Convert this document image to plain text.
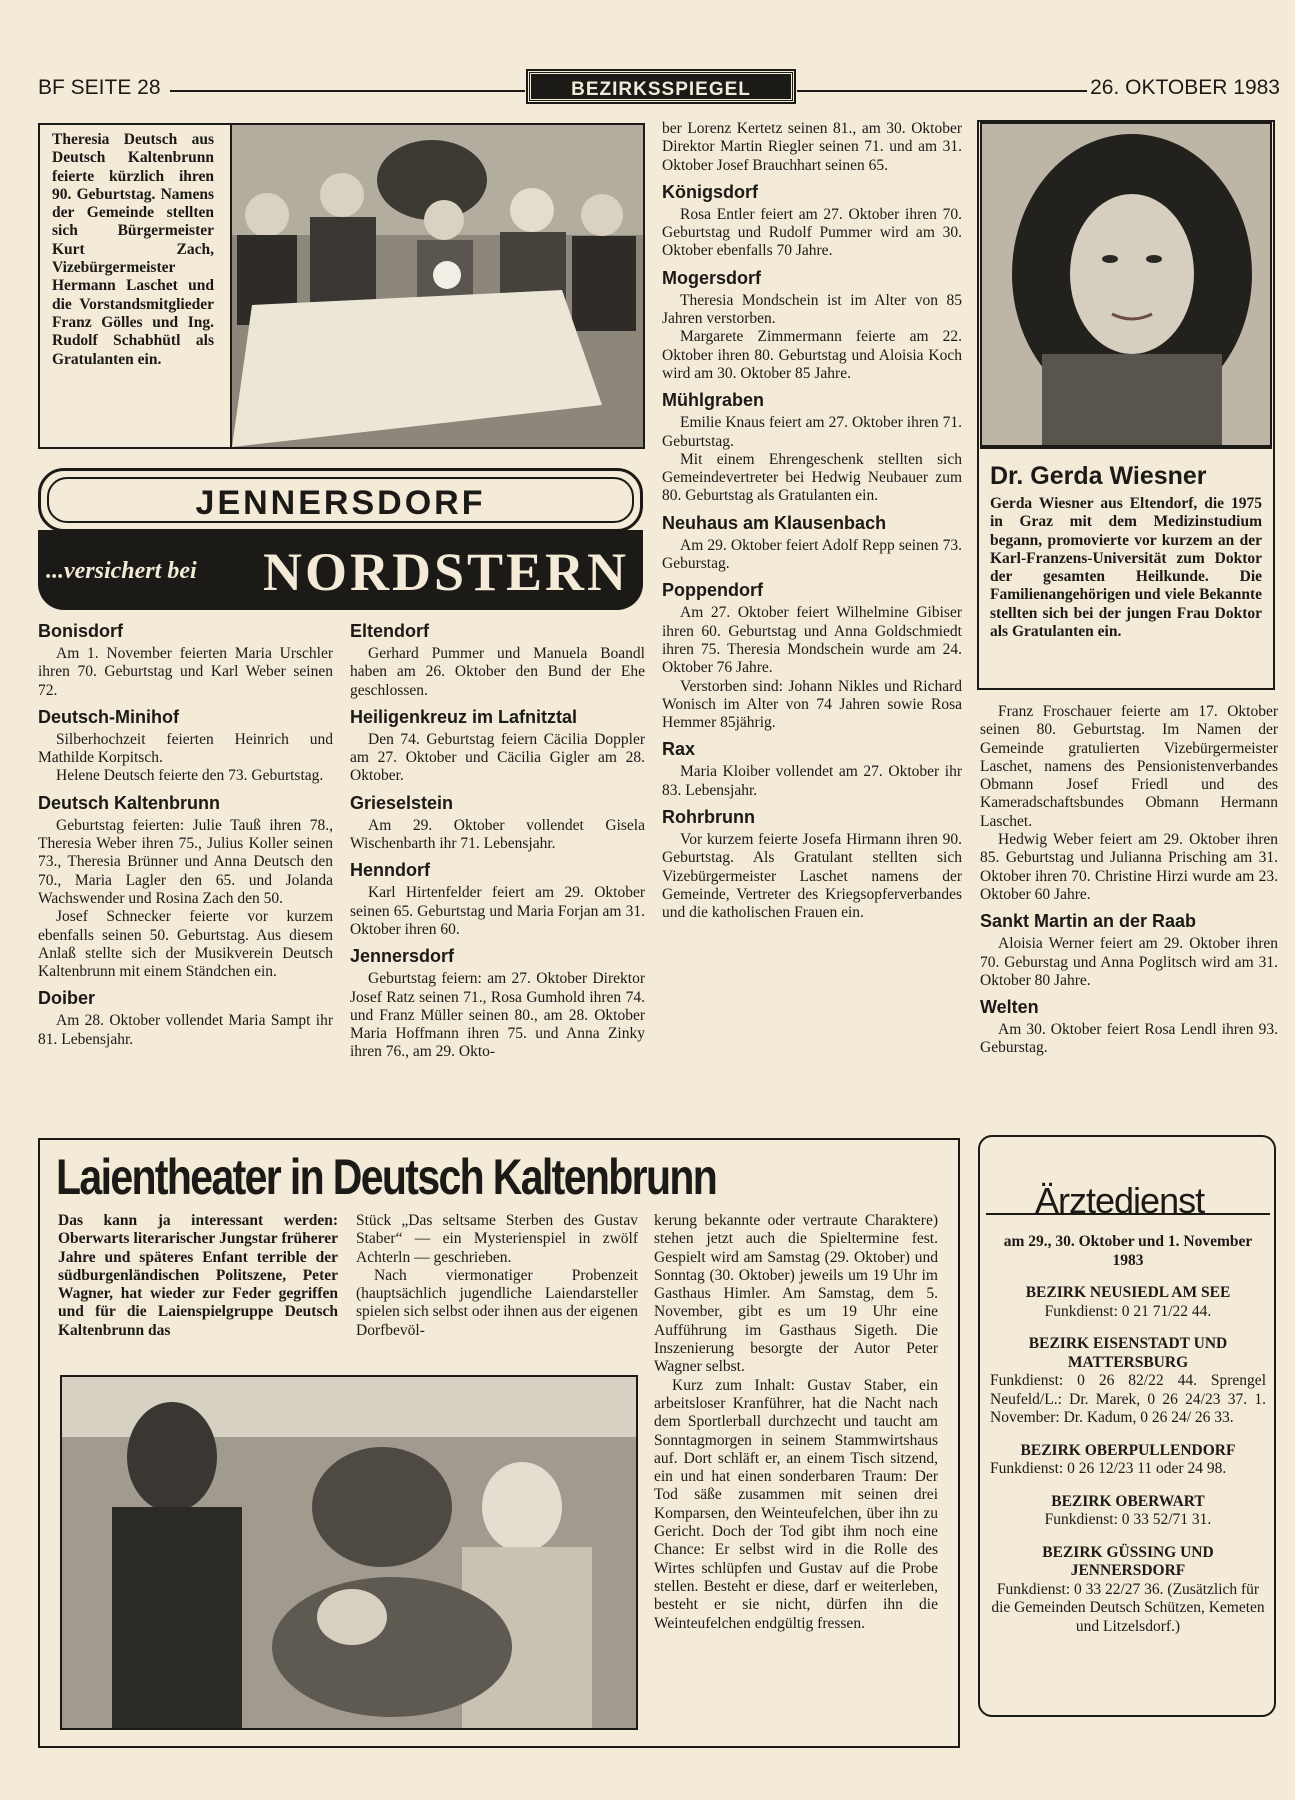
BF SEITE 28	BEZIRKSSPIEGEL	26. OKTOBER 1983
Theresia Deutsch aus Deutsch Kaltenbrunn feierte kürzlich ihren 90. Geburtstag. Namens der Gemeinde stellten sich Bürgermeister Kurt Zach, Vizebürgermeister Hermann Laschet und die Vorstandsmitglieder Franz Gölles und Ing. Rudolf Schabhütl als Gratulanten ein.
JENNERSDORF
...versichert bei NORDSTERN
Bonisdorf

Am 1. November feierten Maria Urschler ihren 70. Geburtstag und Karl Weber seinen 72.

Deutsch-Minihof

Silberhochzeit feierten Heinrich und Mathilde Korpitsch.

Helene Deutsch feierte den 73. Geburtstag.

Deutsch Kaltenbrunn

Geburtstag feierten: Julie Tauß ihren 78., Theresia Weber ihren 75., Julius Koller seinen 73., Theresia Brünner und Anna Deutsch den 70., Maria Lagler den 65. und Jolanda Wachswender und Rosina Zach den 50.

Josef Schnecker feierte vor kurzem ebenfalls seinen 50. Geburtstag. Aus diesem Anlaß stellte sich der Musikverein Deutsch Kaltenbrunn mit einem Ständchen ein.

Doiber

Am 28. Oktober vollendet Maria Sampt ihr 81. Lebensjahr.

Eltendorf

Gerhard Pummer und Manuela Boandl haben am 26. Oktober den Bund der Ehe geschlossen.

Heiligenkreuz im Lafnitztal

Den 74. Geburtstag feiern Cäcilia Doppler am 27. Oktober und Cäcilia Gigler am 28. Oktober.

Grieselstein

Am 29. Oktober vollendet Gisela Wischenbarth ihr 71. Lebensjahr.

Henndorf

Karl Hirtenfelder feiert am 29. Oktober seinen 65. Geburtstag und Maria Forjan am 31. Oktober ihren 60.

Jennersdorf

Geburtstag feiern: am 27. Oktober Direktor Josef Ratz seinen 71., Rosa Gumhold ihren 74. und Franz Müller seinen 80., am 28. Oktober Maria Hoffmann ihren 75. und Anna Zinky ihren 76., am 29. Okto-

ber Lorenz Kertetz seinen 81., am 30. Oktober Direktor Martin Riegler seinen 71. und am 31. Oktober Josef Brauchhart seinen 65.

Königsdorf

Rosa Entler feiert am 27. Oktober ihren 70. Geburtstag und Rudolf Pummer wird am 30. Oktober ebenfalls 70 Jahre.

Mogersdorf

Theresia Mondschein ist im Alter von 85 Jahren verstorben.

Margarete Zimmermann feierte am 22. Oktober ihren 80. Geburtstag und Aloisia Koch wird am 30. Oktober 85 Jahre.

Mühlgraben

Emilie Knaus feiert am 27. Oktober ihren 71. Geburtstag.

Mit einem Ehrengeschenk stellten sich Gemeindevertreter bei Hedwig Neubauer zum 80. Geburtstag als Gratulanten ein.

Neuhaus am Klausenbach

Am 29. Oktober feiert Adolf Repp seinen 73. Geburstag.

Poppendorf

Am 27. Oktober feiert Wilhelmine Gibiser ihren 60. Geburtstag und Anna Goldschmiedt ihren 75. Theresia Mondschein wurde am 24. Oktober 76 Jahre.

Verstorben sind: Johann Nikles und Richard Wonisch im Alter von 74 Jahren sowie Rosa Hemmer 85jährig.

Rax

Maria Kloiber vollendet am 27. Oktober ihr 83. Lebensjahr.

Rohrbrunn

Vor kurzem feierte Josefa Hirmann ihren 90. Geburtstag. Als Gratulant stellten sich Vizebürgermeister Laschet namens der Gemeinde, Vertreter des Kriegsopferverbandes und die katholischen Frauen ein.

Dr. Gerda Wiesner
Gerda Wiesner aus Eltendorf, die 1975 in Graz mit dem Medizinstudium begann, promovierte vor kurzem an der Karl-Franzens-Universität zum Doktor der gesamten Heilkunde. Die Familienangehörigen und viele Bekannte stellten sich bei der jungen Frau Doktor als Gratulanten ein.

Franz Froschauer feierte am 17. Oktober seinen 80. Geburtstag. Im Namen der Gemeinde gratulierten Vizebürgermeister Laschet, namens des Pensionistenverbandes Obmann Josef Friedl und des Kameradschaftsbundes Obmann Hermann Laschet.

Hedwig Weber feiert am 29. Oktober ihren 85. Geburtstag und Julianna Prisching am 31. Oktober ihren 70. Christine Hirzi wurde am 23. Oktober 60 Jahre.

Sankt Martin an der Raab

Aloisia Werner feiert am 29. Oktober ihren 70. Geburstag und Anna Poglitsch wird am 31. Oktober 80 Jahre.

Welten

Am 30. Oktober feiert Rosa Lendl ihren 93. Geburstag.

Laientheater in Deutsch Kaltenbrunn
Das kann ja interessant werden: Oberwarts literarischer Jungstar früherer Jahre und späteres Enfant terrible der südburgenländischen Politszene, Peter Wagner, hat wieder zur Feder gegriffen und für die Laienspielgruppe Deutsch Kaltenbrunn das

Stück „Das seltsame Sterben des Gustav Staber“ — ein Mysterienspiel in zwölf Achterln — geschrieben.

Nach viermonatiger Probenzeit (hauptsächlich jugendliche Laiendarsteller spielen sich selbst oder ihnen aus der eigenen Dorfbevöl-

kerung bekannte oder vertraute Charaktere) stehen jetzt auch die Spieltermine fest. Gespielt wird am Samstag (29. Oktober) und Sonntag (30. Oktober) jeweils um 19 Uhr im Gasthaus Himler. Am Samstag, dem 5. November, gibt es um 19 Uhr eine Aufführung im Gasthaus Sigeth. Die Inszenierung besorgte der Autor Peter Wagner selbst.

Kurz zum Inhalt: Gustav Staber, ein arbeitsloser Kranführer, hat die Nacht nach dem Sportlerball durchzecht und taucht am Sonntagmorgen in seinem Stammwirtshaus auf. Dort schläft er, an einem Tisch sitzend, ein und hat einen sonderbaren Traum: Der Tod säße zusammen mit seinen drei Komparsen, den Weinteufelchen, über ihn zu Gericht. Doch der Tod gibt ihm noch eine Chance: Er selbst wird in die Rolle des Wirtes schlüpfen und Gustav auf die Probe stellen. Besteht er diese, darf er weiterleben, besteht er sie nicht, dürfen ihn die Weinteufelchen endgültig fressen.

Ärztedienst

am 29., 30. Oktober und 1. November 1983

BEZIRK NEUSIEDL AM SEE

Funkdienst: 0 21 71/22 44.

BEZIRK EISENSTADT UND MATTERSBURG

Funkdienst: 0 26 82/22 44. Sprengel Neufeld/L.: Dr. Marek, 0 26 24/23 37. 1. November: Dr. Kadum, 0 26 24/ 26 33.

BEZIRK OBERPULLENDORF

Funkdienst: 0 26 12/23 11 oder 24 98.

BEZIRK OBERWART

Funkdienst: 0 33 52/71 31.

BEZIRK GÜSSING UND JENNERSDORF

Funkdienst: 0 33 22/27 36. (Zusätzlich für die Gemeinden Deutsch Schützen, Kemeten und Litzelsdorf.)
